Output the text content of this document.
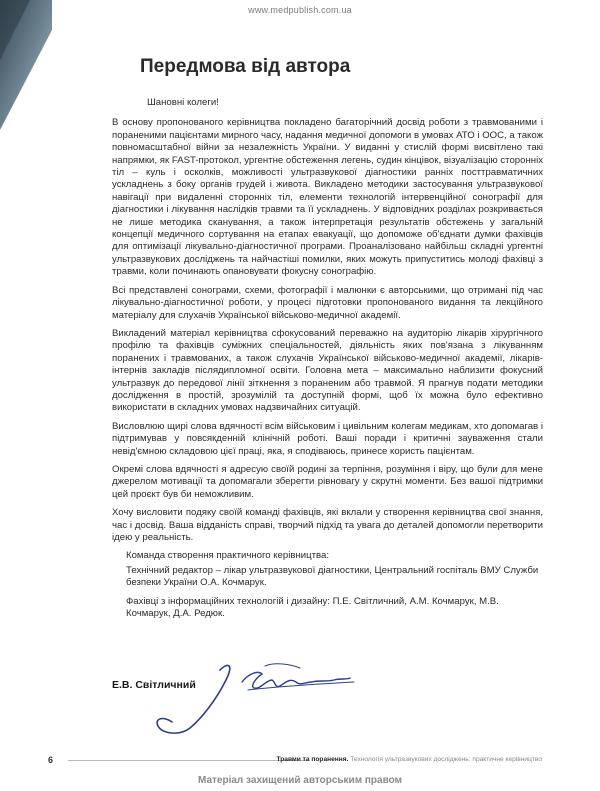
www.medpublish.com.ua
Передмова від автора

Шановні колеги!

В основу пропонованого керівництва покладено багаторічний досвід роботи з травмованими і пораненими пацієнтами мирного часу, надання медичної допомоги в умовах АТО і ООС, а також повномасштабної війни за незалежність України. У виданні у стислій формі висвітлено такі напрямки, як FAST-протокол, ургентне обстеження легень, судин кінцівок, візуалізацію сторонніх тіл – куль і осколків, можливості ультразвукової діагностики ранніх посттравматичних ускладнень з боку органів грудей і живота. Викладено методики застосування ультразвукової навігації при видаленні сторонніх тіл, елементи технологій інтервенційної сонографії для діагностики і лікування наслідків травми та її ускладнень. У відповідних розділах розкривається не лише методика сканування, а також інтерпретація результатів обстежень у загальній концепції медичного сортування на етапах евакуації, що допоможе об'єднати думки фахівців для оптимізації лікувально-діагностичної програми. Проаналізовано найбільш складні ургентні ультразвукових досліджень та найчастіші помилки, яких можуть припуститись молоді фахівці з травми, коли починають опановувати фокусну сонографію.

Всі представлені сонограми, схеми, фотографії і малюнки є авторськими, що отримані під час лікувально-діагностичної роботи, у процесі підготовки пропонованого видання та лекційного матеріалу для слухачів Української військово-медичної академії.

Викладений матеріал керівництва сфокусований переважно на аудиторію лікарів хірургічного профілю та фахівців суміжних спеціальностей, діяльність яких пов'язана з лікуванням поранених і травмованих, а також слухачів Української військово-медичної академії, лікарів-інтернів закладів післядипломної освіти. Головна мета – максимально наблизити фокусний ультразвук до передової лінії зіткнення з пораненим або травмой. Я прагнув подати методики дослідження в простій, зрозумілій та доступній формі, щоб їх можна було ефективно використати в складних умовах надзвичайних ситуацій.

Висловлюю щирі слова вдячності всім військовим і цивільним колегам медикам, хто допомагав і підтримував у повсякденній клінічній роботі. Ваші поради і критичні зауваження стали невід'ємною складовою цієї праці, яка, я сподіваюсь, принесе користь пацієнтам.

Окремі слова вдячності я адресую своїй родині за терпіння, розуміння і віру, що були для мене джерелом мотивації та допомагали зберегти рівновагу у скрутні моменти. Без вашої підтримки цей проєкт був би неможливим.

Хочу висловити подяку своїй команді фахівців, які вклали у створення керівництва свої знання, час і досвід. Ваша відданість справі, творчий підхід та увага до деталей допомогли перетворити ідею у реальність.

Команда створення практичного керівництва:

Технічний редактор – лікар ультразвукової діагностики, Центральний госпіталь ВМУ Служби безпеки України О.А. Кочмарук.

Фахівці з інформаційних технологій і дизайну: П.Е. Світличний, А.М. Кочмарук, М.В. Кочмарук, Д.А. Редюк.

Е.В. Світличний
6	Травми та поранення. Технологія ультразвукових досліджень: практичне керівництво
Матеріал захищений авторським правом
